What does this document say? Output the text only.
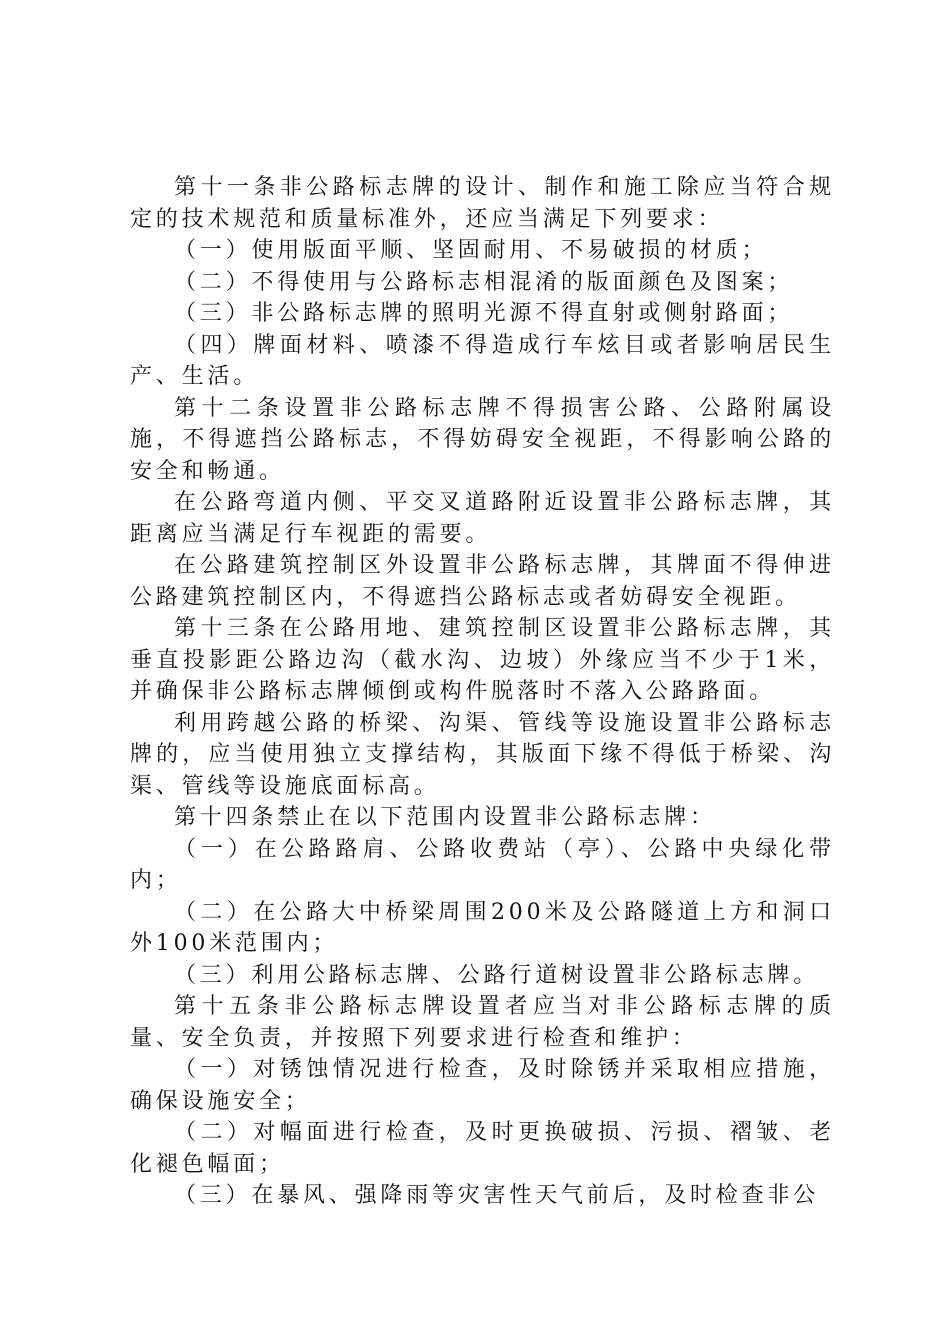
第十一条非公路标志牌的设计、制作和施工除应当符合规定的技术规范和质量标准外，还应当满足下列要求：

（一）使用版面平顺、坚固耐用、不易破损的材质；

（二）不得使用与公路标志相混淆的版面颜色及图案；

（三）非公路标志牌的照明光源不得直射或侧射路面；

（四）牌面材料、喷漆不得造成行车炫目或者影响居民生产、生活。

第十二条设置非公路标志牌不得损害公路、公路附属设施，不得遮挡公路标志，不得妨碍安全视距，不得影响公路的安全和畅通。

在公路弯道内侧、平交叉道路附近设置非公路标志牌，其距离应当满足行车视距的需要。

在公路建筑控制区外设置非公路标志牌，其牌面不得伸进公路建筑控制区内，不得遮挡公路标志或者妨碍安全视距。

第十三条在公路用地、建筑控制区设置非公路标志牌，其垂直投影距公路边沟（截水沟、边坡）外缘应当不少于1米，并确保非公路标志牌倾倒或构件脱落时不落入公路路面。

利用跨越公路的桥梁、沟渠、管线等设施设置非公路标志牌的，应当使用独立支撑结构，其版面下缘不得低于桥梁、沟渠、管线等设施底面标高。

第十四条禁止在以下范围内设置非公路标志牌：

（一）在公路路肩、公路收费站（亭）、公路中央绿化带内；

（二）在公路大中桥梁周围200米及公路隧道上方和洞口外100米范围内；

（三）利用公路标志牌、公路行道树设置非公路标志牌。

第十五条非公路标志牌设置者应当对非公路标志牌的质量、安全负责，并按照下列要求进行检查和维护：

（一）对锈蚀情况进行检查，及时除锈并采取相应措施，确保设施安全；

（二）对幅面进行检查，及时更换破损、污损、褶皱、老化褪色幅面；

（三）在暴风、强降雨等灾害性天气前后，及时检查非公
